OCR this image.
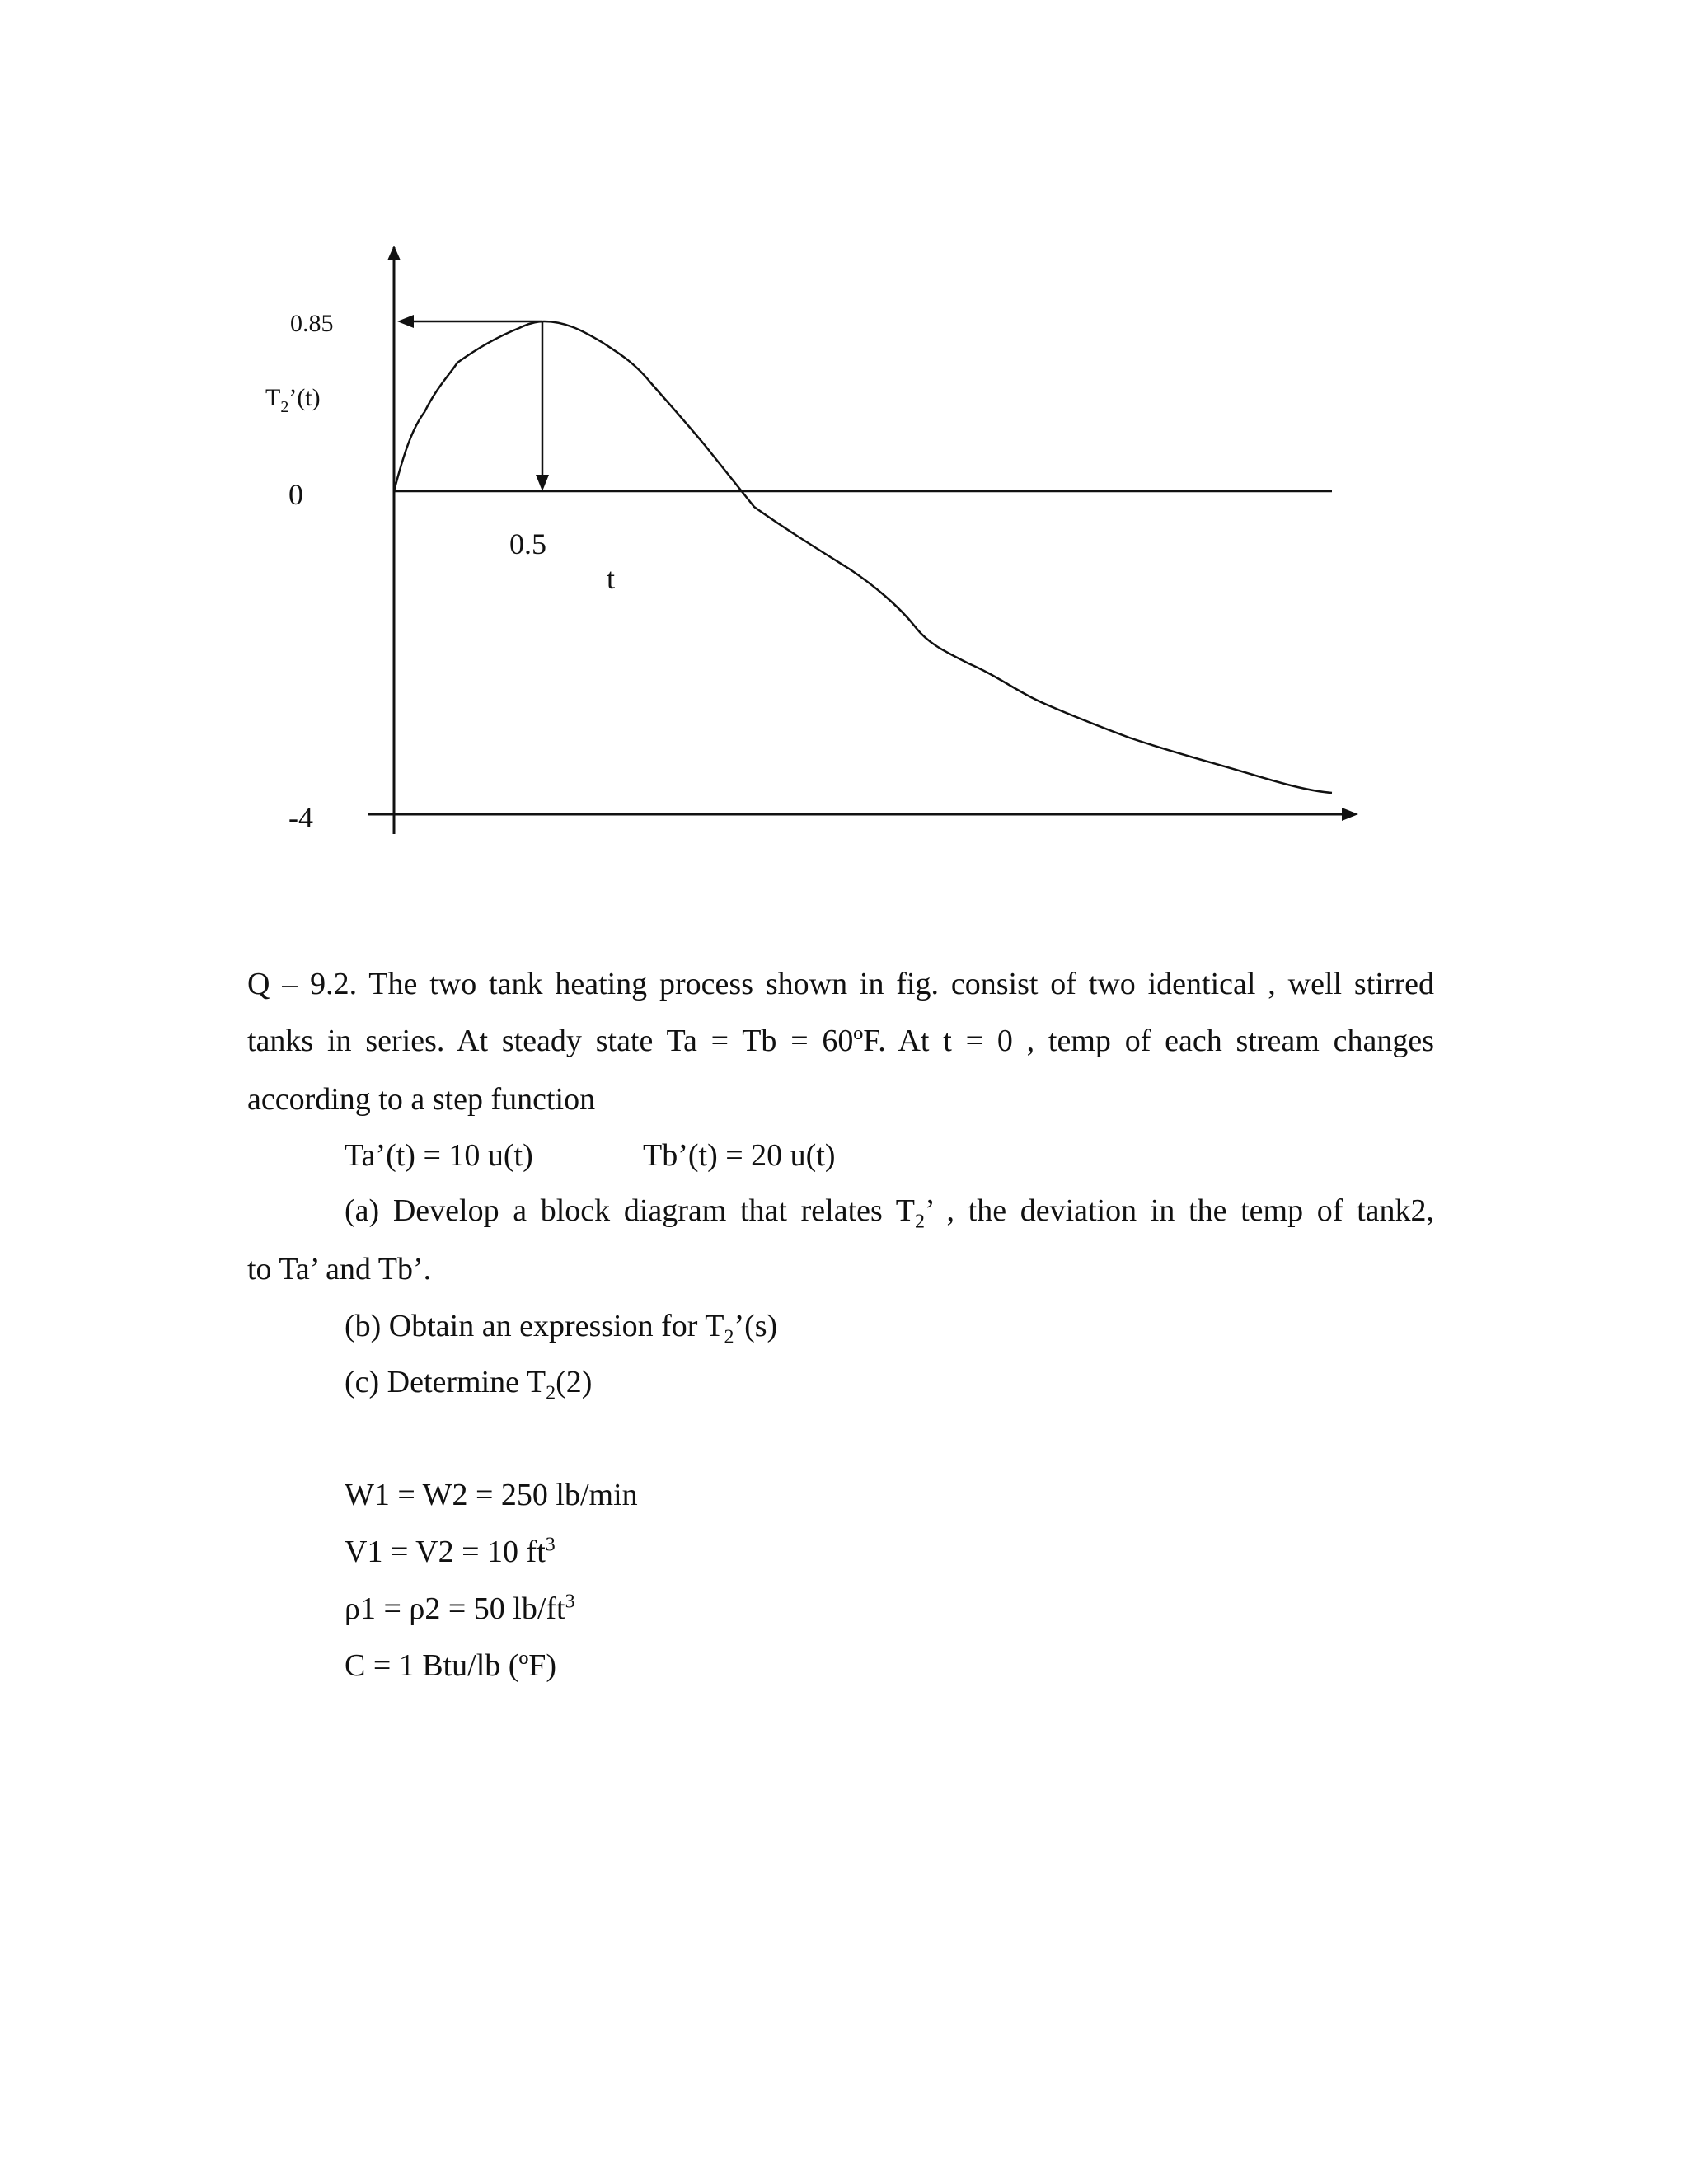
0.85
$T_2’(t)$
0
-4
0.5
t
Q – 9.2. The two tank heating process shown in fig. consist of two identical , well stirred
tanks in series. At steady state Ta = Tb = 60ºF. At t = 0 , temp of each stream changes
according to a step function
Ta’(t) = 10 u(t)	Tb’(t) = 20 u(t)
(a) Develop a block diagram that relates $T_2$’ , the deviation in the temp of tank2,
to Ta’ and Tb’.
(b) Obtain an expression for $T_2’(s)$
(c) Determine $T_2(2)$
W1 = W2 = 250 lb/min
V1 = V2 = 10 $ft^3$
ρ1 = ρ2 = 50 $lb/ft^3$
C = 1 Btu/lb (ºF)
